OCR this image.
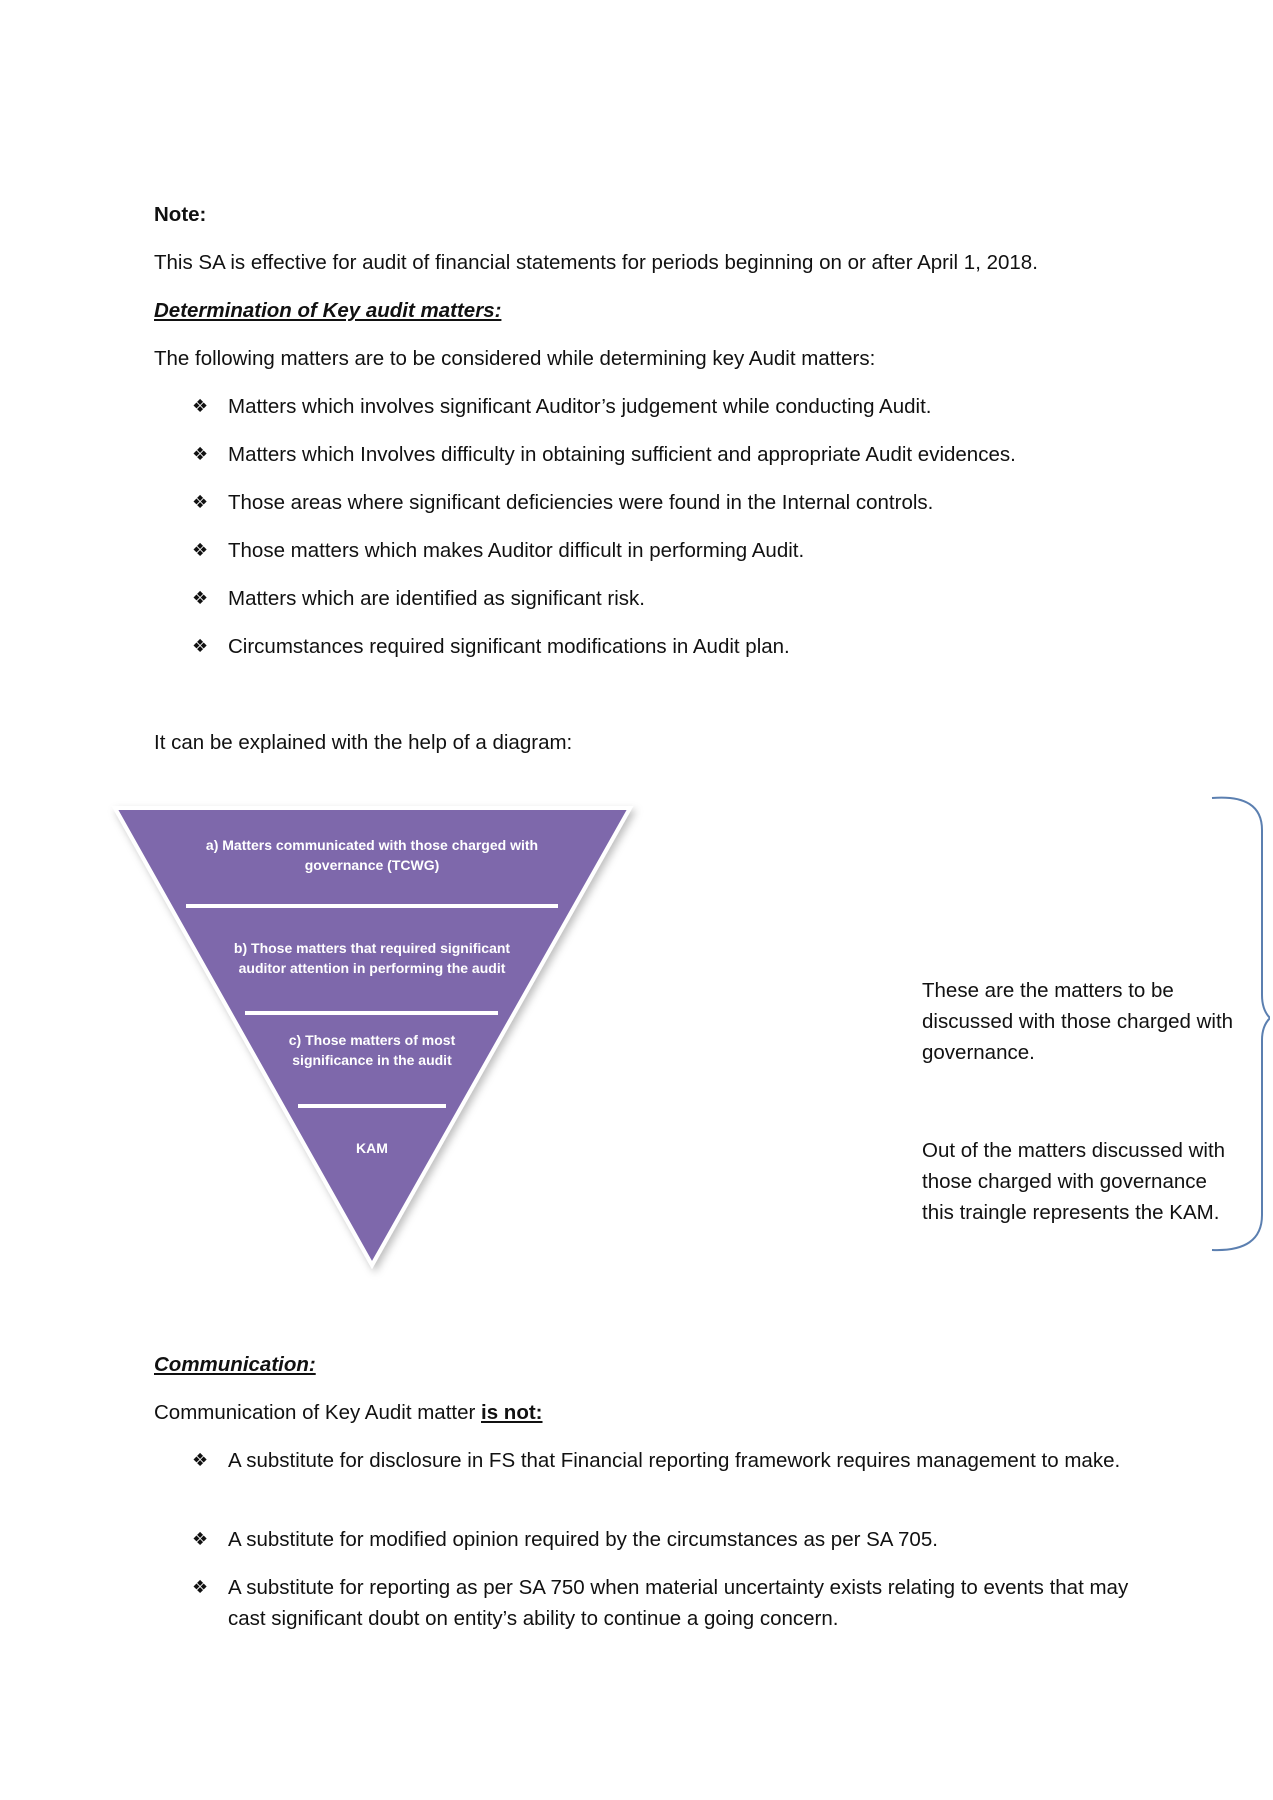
Note:
This SA is effective for audit of financial statements for periods beginning on or after April 1, 2018.
Determination of Key audit matters:
The following matters are to be considered while determining key Audit matters:
❖ Matters which involves significant Auditor’s judgement while conducting Audit.
❖ Matters which Involves difficulty in obtaining sufficient and appropriate Audit evidences.
❖ Those areas where significant deficiencies were found in the Internal controls.
❖ Those matters which makes Auditor difficult in performing Audit.
❖ Matters which are identified as significant risk.
❖ Circumstances required significant modifications in Audit plan.
It can be explained with the help of a diagram:
a) Matters communicated with those charged with
governance (TCWG)
b) Those matters that required significant
auditor attention in performing the audit
c) Those matters of most
significance in the audit
KAM
These are the matters to be
discussed with those charged with
governance.
Out of the matters discussed with
those charged with governance
this traingle represents the KAM.
Communication:
Communication of Key Audit matter is not:
❖ A substitute for disclosure in FS that Financial reporting framework requires management to make.
❖ A substitute for modified opinion required by the circumstances as per SA 705.
❖ A substitute for reporting as per SA 750 when material uncertainty exists relating to events that may cast significant doubt on entity’s ability to continue a going concern.
